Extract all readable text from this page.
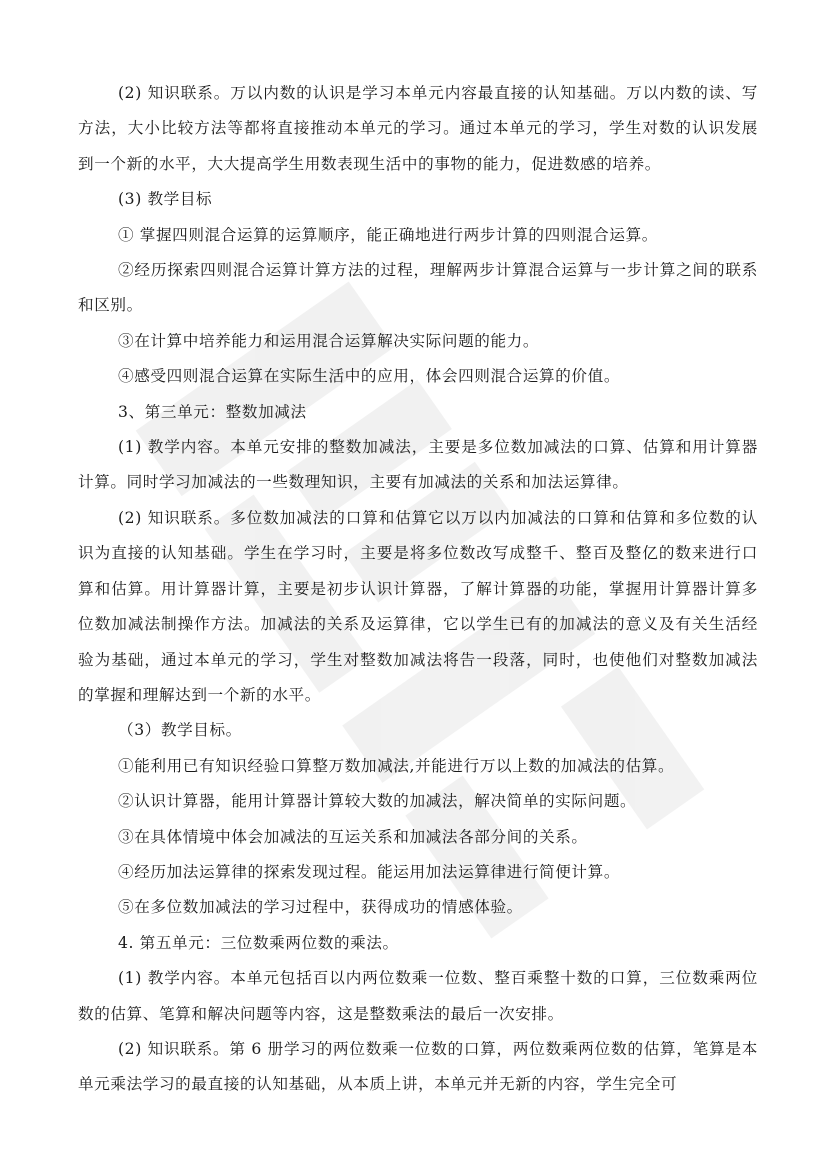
(2) 知识联系。万以内数的认识是学习本单元内容最直接的认知基础。万以内数的读、写方法，大小比较方法等都将直接推动本单元的学习。通过本单元的学习，学生对数的认识发展到一个新的水平，大大提高学生用数表现生活中的事物的能力，促进数感的培养。

(3) 教学目标

① 掌握四则混合运算的运算顺序，能正确地进行两步计算的四则混合运算。

②经历探索四则混合运算计算方法的过程，理解两步计算混合运算与一步计算之间的联系和区别。

③在计算中培养能力和运用混合运算解决实际问题的能力。

④感受四则混合运算在实际生活中的应用，体会四则混合运算的价值。

3、第三单元：整数加减法

(1) 教学内容。本单元安排的整数加减法，主要是多位数加减法的口算、估算和用计算器计算。同时学习加减法的一些数理知识，主要有加减法的关系和加法运算律。

(2) 知识联系。多位数加减法的口算和估算它以万以内加减法的口算和估算和多位数的认识为直接的认知基础。学生在学习时，主要是将多位数改写成整千、整百及整亿的数来进行口算和估算。用计算器计算，主要是初步认识计算器，了解计算器的功能，掌握用计算器计算多位数加减法制操作方法。加减法的关系及运算律，它以学生已有的加减法的意义及有关生活经验为基础，通过本单元的学习，学生对整数加减法将告一段落，同时，也使他们对整数加减法的掌握和理解达到一个新的水平。

（3）教学目标。

①能利用已有知识经验口算整万数加减法,并能进行万以上数的加减法的估算。

②认识计算器，能用计算器计算较大数的加减法，解决简单的实际问题。

③在具体情境中体会加减法的互运关系和加减法各部分间的关系。

④经历加法运算律的探索发现过程。能运用加法运算律进行简便计算。

⑤在多位数加减法的学习过程中，获得成功的情感体验。

4. 第五单元：三位数乘两位数的乘法。

(1) 教学内容。本单元包括百以内两位数乘一位数、整百乘整十数的口算，三位数乘两位数的估算、笔算和解决问题等内容，这是整数乘法的最后一次安排。

(2) 知识联系。第 6 册学习的两位数乘一位数的口算，两位数乘两位数的估算，笔算是本单元乘法学习的最直接的认知基础，从本质上讲，本单元并无新的内容，学生完全可
